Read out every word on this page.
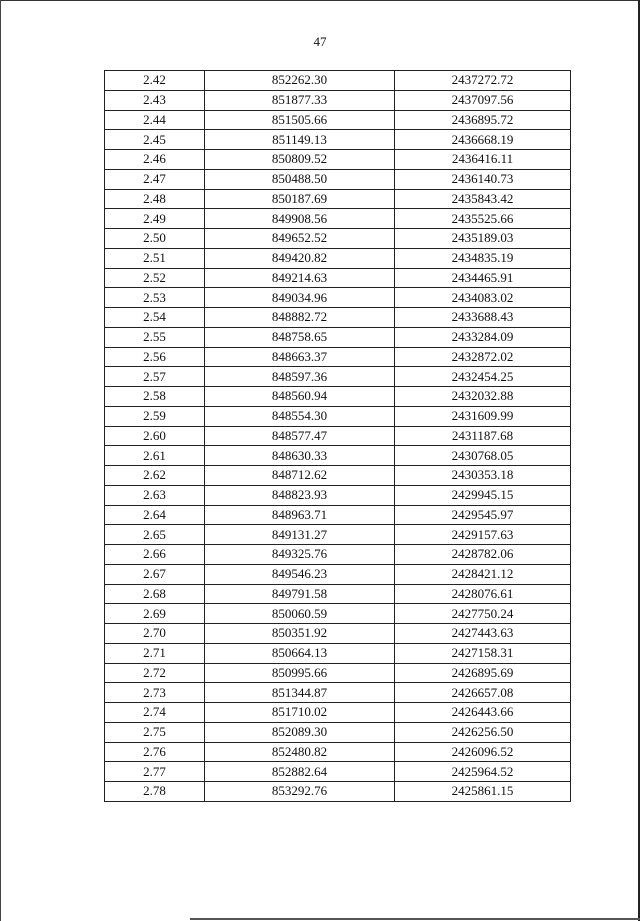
47
2.42	852262.30	2437272.72
2.43	851877.33	2437097.56
2.44	851505.66	2436895.72
2.45	851149.13	2436668.19
2.46	850809.52	2436416.11
2.47	850488.50	2436140.73
2.48	850187.69	2435843.42
2.49	849908.56	2435525.66
2.50	849652.52	2435189.03
2.51	849420.82	2434835.19
2.52	849214.63	2434465.91
2.53	849034.96	2434083.02
2.54	848882.72	2433688.43
2.55	848758.65	2433284.09
2.56	848663.37	2432872.02
2.57	848597.36	2432454.25
2.58	848560.94	2432032.88
2.59	848554.30	2431609.99
2.60	848577.47	2431187.68
2.61	848630.33	2430768.05
2.62	848712.62	2430353.18
2.63	848823.93	2429945.15
2.64	848963.71	2429545.97
2.65	849131.27	2429157.63
2.66	849325.76	2428782.06
2.67	849546.23	2428421.12
2.68	849791.58	2428076.61
2.69	850060.59	2427750.24
2.70	850351.92	2427443.63
2.71	850664.13	2427158.31
2.72	850995.66	2426895.69
2.73	851344.87	2426657.08
2.74	851710.02	2426443.66
2.75	852089.30	2426256.50
2.76	852480.82	2426096.52
2.77	852882.64	2425964.52
2.78	853292.76	2425861.15
